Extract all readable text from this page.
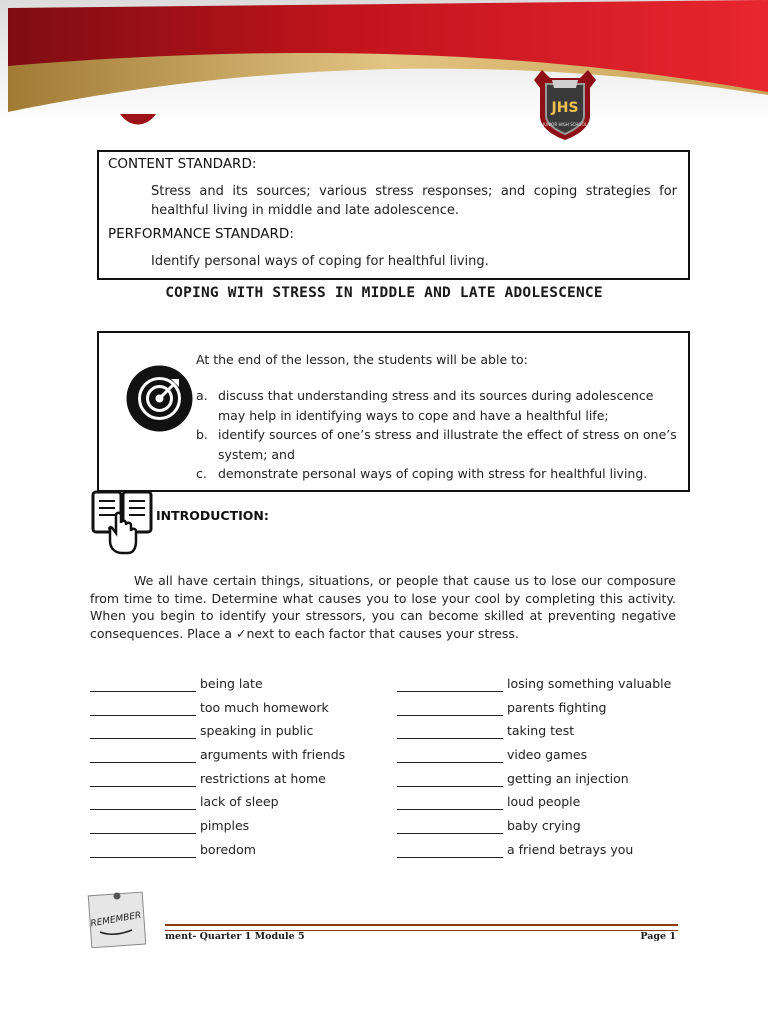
JHS
JUNIOR HIGH SCHOOL
CONTENT STANDARD:
Stress and its sources; various stress responses; and coping strategies for healthful living in middle and late adolescence.
PERFORMANCE STANDARD:
Identify personal ways of coping for healthful living.
COPING WITH STRESS IN MIDDLE AND LATE ADOLESCENCE
At the end of the lesson, the students will be able to:
a. discuss that understanding stress and its sources during adolescence may help in identifying ways to cope and have a healthful life;
b. identify sources of one’s stress and illustrate the effect of stress on one’s system; and
c. demonstrate personal ways of coping with stress for healthful living.
INTRODUCTION:
We all have certain things, situations, or people that cause us to lose our composure from time to time. Determine what causes you to lose your cool by completing this activity. When you begin to identify your stressors, you can become skilled at preventing negative consequences. Place a ✓next to each factor that causes your stress.
being late
too much homework
speaking in public
arguments with friends
restrictions at home
lack of sleep
pimples
boredom
losing something valuable
parents fighting
taking test
video games
getting an injection
loud people
baby crying
a friend betrays you
REMEMBER
ment- Quarter 1 Module 5	Page 1
